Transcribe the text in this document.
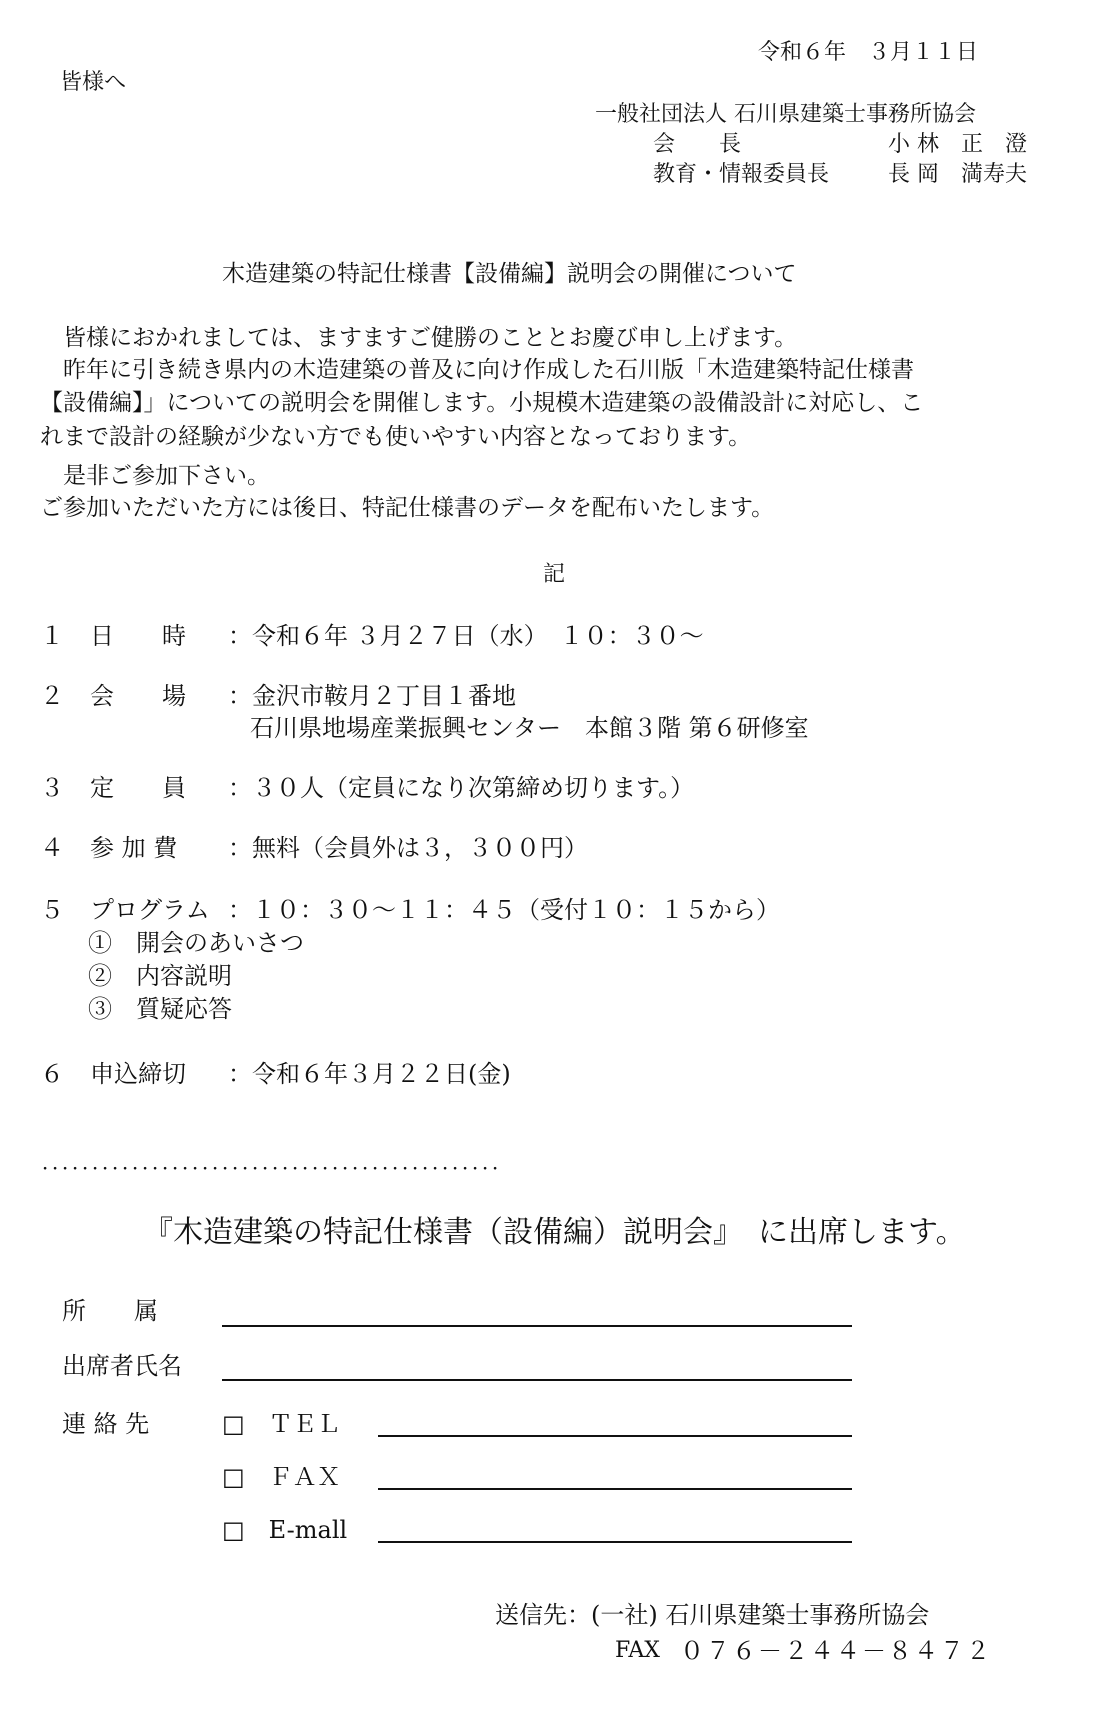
令和６年　３月１１日
皆様へ
一般社団法人 石川県建築士事務所協会
会　　長	小 林　正　澄
教育・情報委員長	長 岡　満寿夫
木造建築の特記仕様書【設備編】説明会の開催について
　皆様におかれましては、ますますご健勝のこととお慶び申し上げます。
　昨年に引き続き県内の木造建築の普及に向け作成した石川版「木造建築特記仕様書
【設備編】」についての説明会を開催します。小規模木造建築の設備設計に対応し、こ
れまで設計の経験が少ない方でも使いやすい内容となっております。
　是非ご参加下さい。
ご参加いただいた方には後日、特記仕様書のデータを配布いたします。
記
１ 日　　時 ：令和６年 ３月２７日（水）　１０：３０～
２ 会　　場 ：金沢市鞍月２丁目１番地
石川県地場産業振興センター　本館３階 第６研修室
３ 定　　員 ：３０人（定員になり次第締め切ります。）
４ 参 加 費 ：無料（会員外は３，３００円）
５ プログラム ：１０：３０～１１：４５（受付１０：１５から）
①　開会のあいさつ
②　内容説明
③　質疑応答
６ 申込締切 ：令和６年３月２２日(金)
．．．．．．．．．．．．．．．．．．．．．．．．．．．．．．．．．．．．．．．．．．．．．．
『木造建築の特記仕様書（設備編）説明会』　に出席します。
所　　属
出席者氏名
連 絡 先	□　ＴＥＬ
□　ＦＡＸ
□　E-mall
送信先：(一社) 石川県建築士事務所協会
FAX ０７６－２４４－８４７２
